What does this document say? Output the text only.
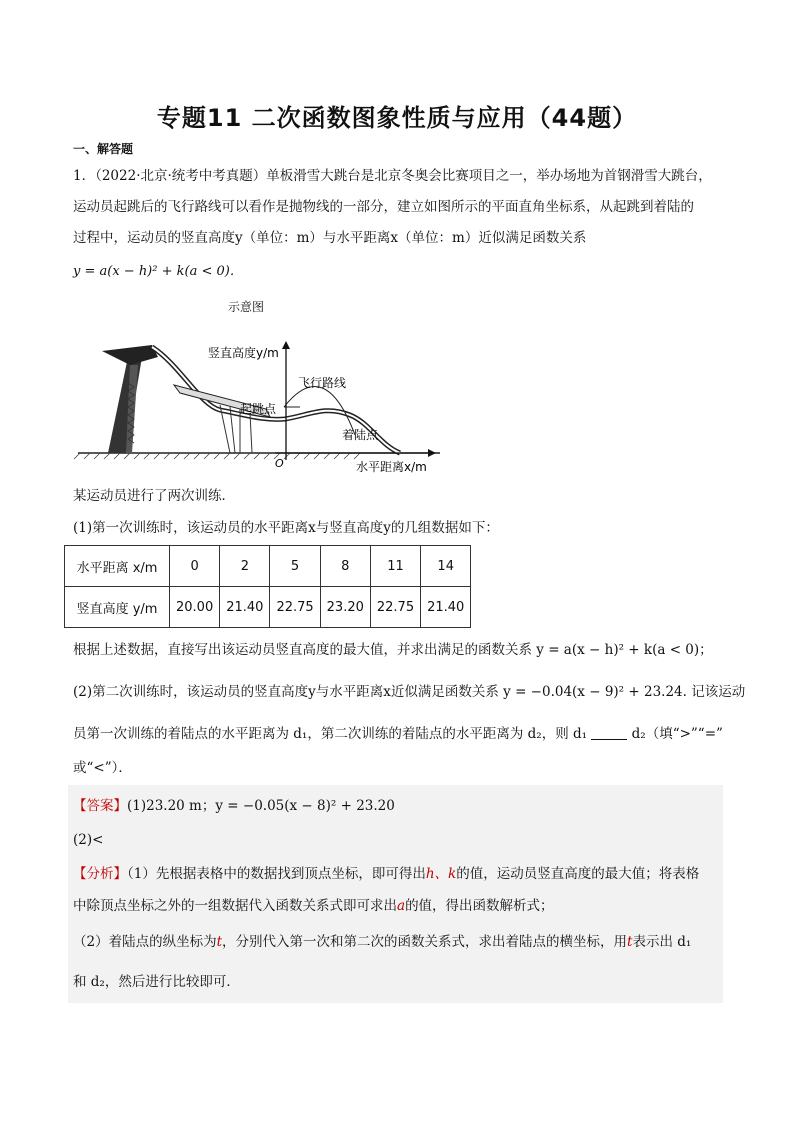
专题11 二次函数图象性质与应用（44题）
一、解答题
1．（2022·北京·统考中考真题）单板滑雪大跳台是北京冬奥会比赛项目之一，举办场地为首钢滑雪大跳台，
运动员起跳后的飞行路线可以看作是抛物线的一部分，建立如图所示的平面直角坐标系，从起跳到着陆的
过程中，运动员的竖直高度y（单位：m）与水平距离x（单位：m）近似满足函数关系
y = a(x − h)² + k(a < 0)．
示意图
竖直高度y/m
水平距离x/m
飞行路线
起跳点
着陆点
O
某运动员进行了两次训练．
(1)第一次训练时，该运动员的水平距离x与竖直高度y的几组数据如下：
水平距离 x/m	0	2	5	8	11	14
竖直高度 y/m	20.00	21.40	22.75	23.20	22.75	21.40
根据上述数据，直接写出该运动员竖直高度的最大值，并求出满足的函数关系 y = a(x − h)² + k(a < 0)；
(2)第二次训练时，该运动员的竖直高度y与水平距离x近似满足函数关系 y = −0.04(x − 9)² + 23.24. 记该运动
员第一次训练的着陆点的水平距离为 d₁，第二次训练的着陆点的水平距离为 d₂，则 d₁	d₂（填“>”“=”
或“<”）．
【答案】(1)23.20 m；y = −0.05(x − 8)² + 23.20
(2)<
【分析】（1）先根据表格中的数据找到顶点坐标，即可得出h、k的值，运动员竖直高度的最大值；将表格
中除顶点坐标之外的一组数据代入函数关系式即可求出a的值，得出函数解析式；
（2）着陆点的纵坐标为t，分别代入第一次和第二次的函数关系式，求出着陆点的横坐标，用t表示出 d₁
和 d₂，然后进行比较即可．
